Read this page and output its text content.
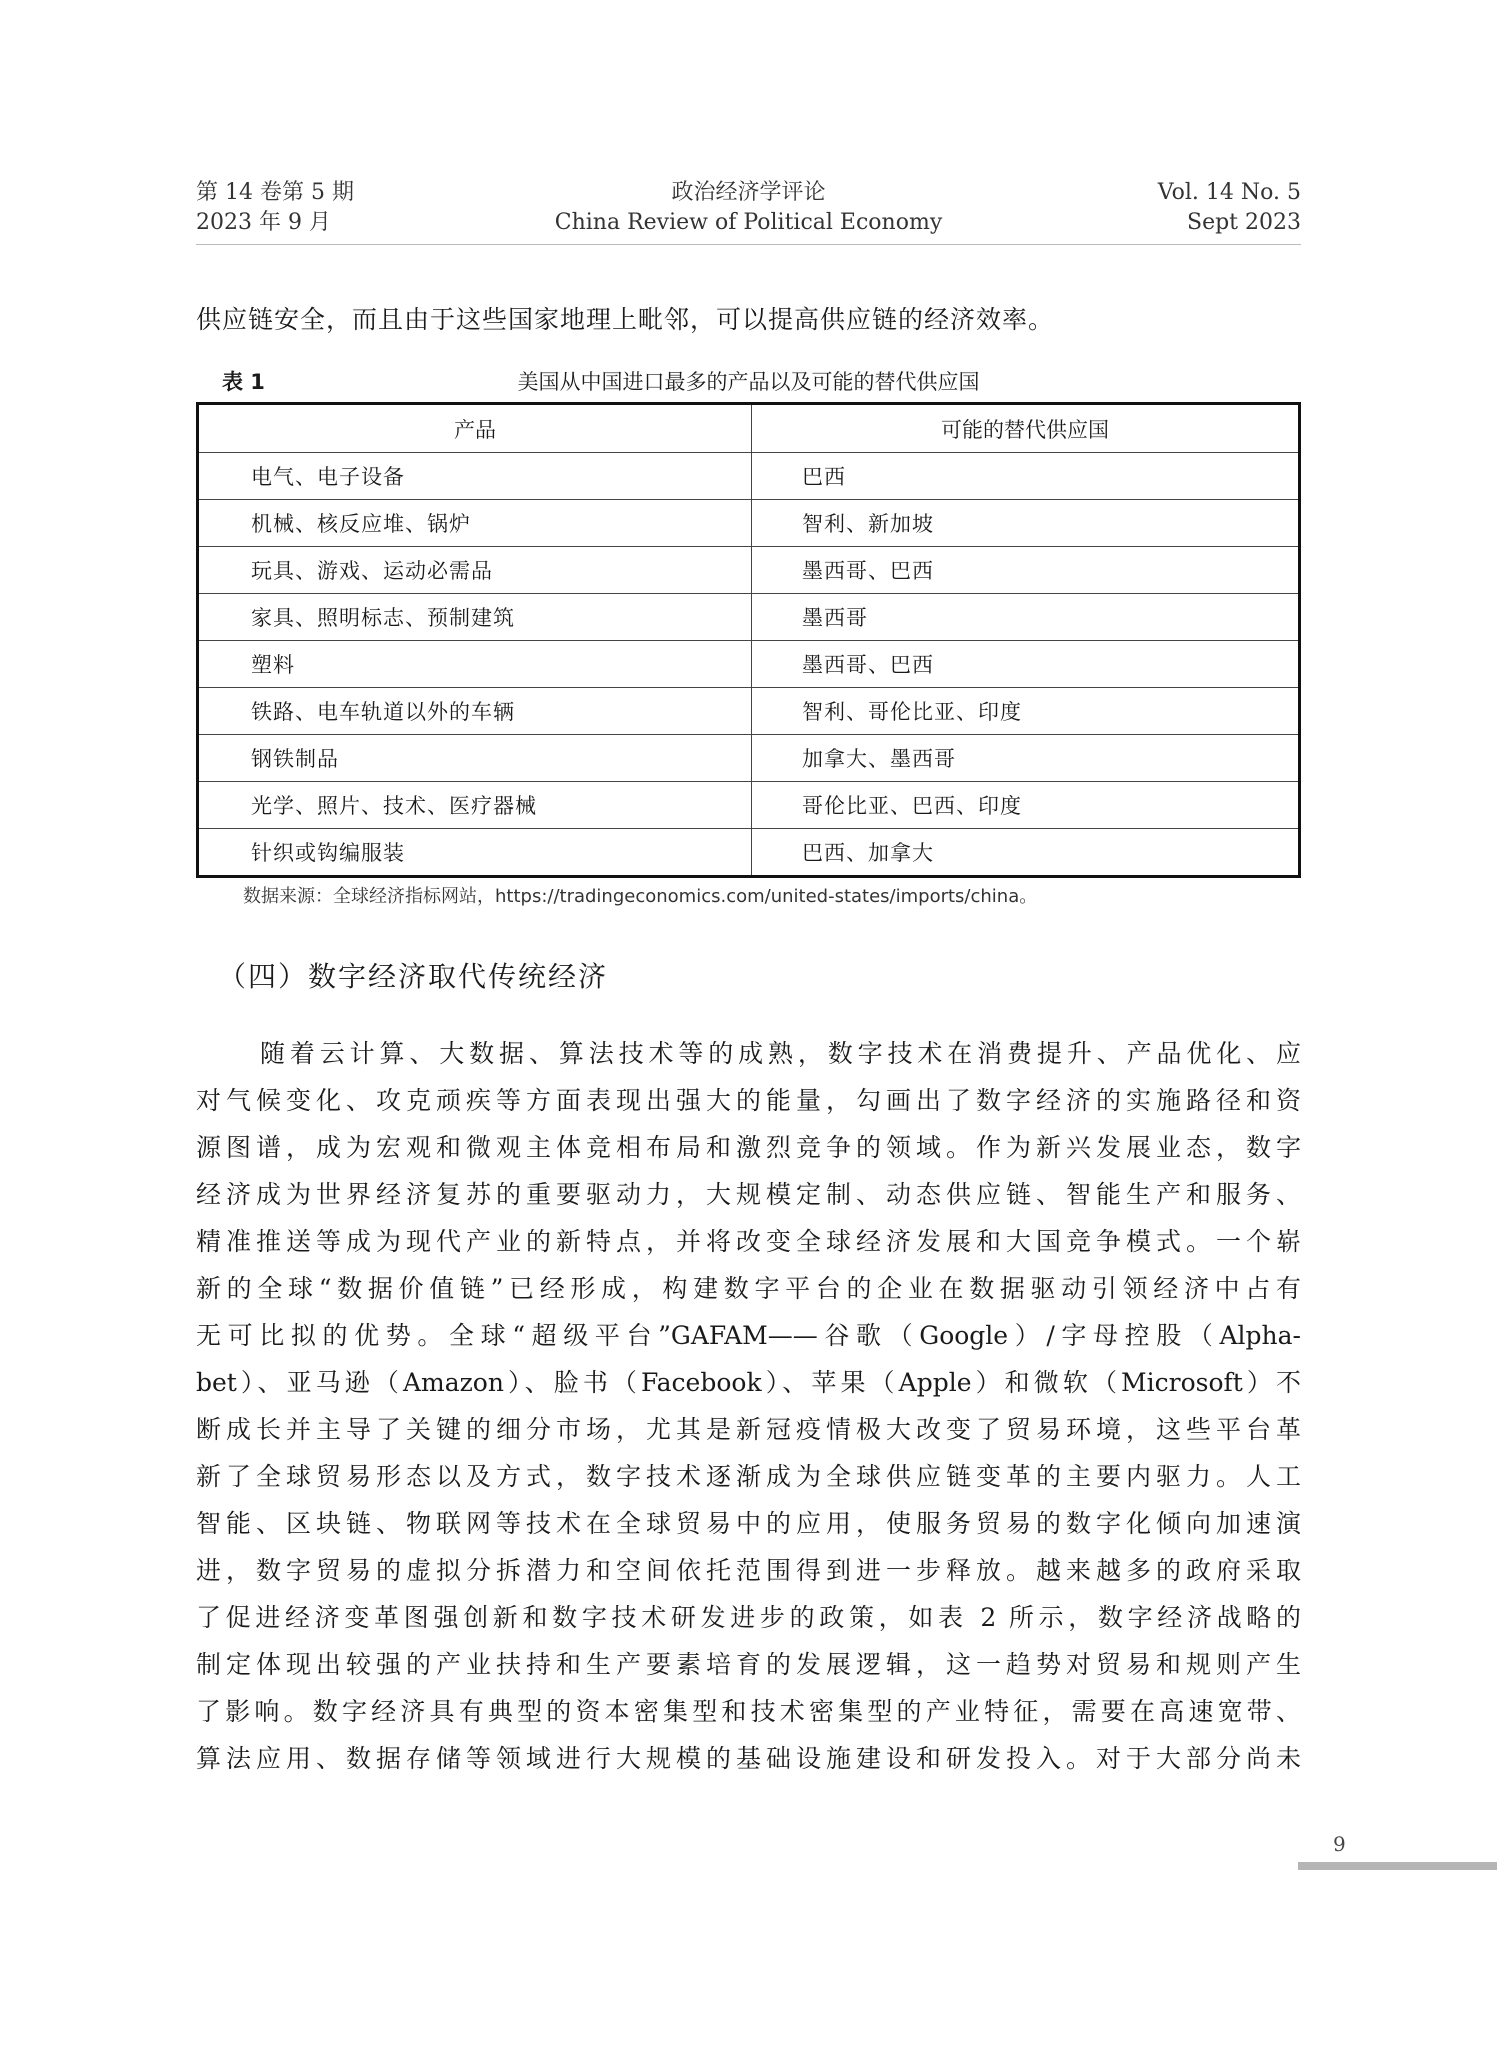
第 14 卷第 5 期
2023 年 9 月
政治经济学评论
China Review of Political Economy
Vol. 14 No. 5
Sept 2023
供应链安全，而且由于这些国家地理上毗邻，可以提高供应链的经济效率。
表 1	美国从中国进口最多的产品以及可能的替代供应国
产品	可能的替代供应国
电气、电子设备	巴西
机械、核反应堆、锅炉	智利、新加坡
玩具、游戏、运动必需品	墨西哥、巴西
家具、照明标志、预制建筑	墨西哥
塑料	墨西哥、巴西
铁路、电车轨道以外的车辆	智利、哥伦比亚、印度
钢铁制品	加拿大、墨西哥
光学、照片、技术、医疗器械	哥伦比亚、巴西、印度
针织或钩编服装	巴西、加拿大
数据来源：全球经济指标网站，https://tradingeconomics.com/united-states/imports/china。
（四）数字经济取代传统经济
随着云计算、大数据、算法技术等的成熟，数字技术在消费提升、产品优化、应
对气候变化、攻克顽疾等方面表现出强大的能量，勾画出了数字经济的实施路径和资
源图谱，成为宏观和微观主体竞相布局和激烈竞争的领域。作为新兴发展业态，数字
经济成为世界经济复苏的重要驱动力，大规模定制、动态供应链、智能生产和服务、
精准推送等成为现代产业的新特点，并将改变全球经济发展和大国竞争模式。一个崭
新的全球“数据价值链”已经形成，构建数字平台的企业在数据驱动引领经济中占有
无可比拟的优势。全球“超级平台”GAFAM——谷歌（Google）/字母控股（Alpha-
bet）、亚马逊（Amazon）、脸书（Facebook）、苹果（Apple）和微软（Microsoft）不
断成长并主导了关键的细分市场，尤其是新冠疫情极大改变了贸易环境，这些平台革
新了全球贸易形态以及方式，数字技术逐渐成为全球供应链变革的主要内驱力。人工
智能、区块链、物联网等技术在全球贸易中的应用，使服务贸易的数字化倾向加速演
进，数字贸易的虚拟分拆潜力和空间依托范围得到进一步释放。越来越多的政府采取
了促进经济变革图强创新和数字技术研发进步的政策，如表 2 所示，数字经济战略的
制定体现出较强的产业扶持和生产要素培育的发展逻辑，这一趋势对贸易和规则产生
了影响。数字经济具有典型的资本密集型和技术密集型的产业特征，需要在高速宽带、
算法应用、数据存储等领域进行大规模的基础设施建设和研发投入。对于大部分尚未
9
